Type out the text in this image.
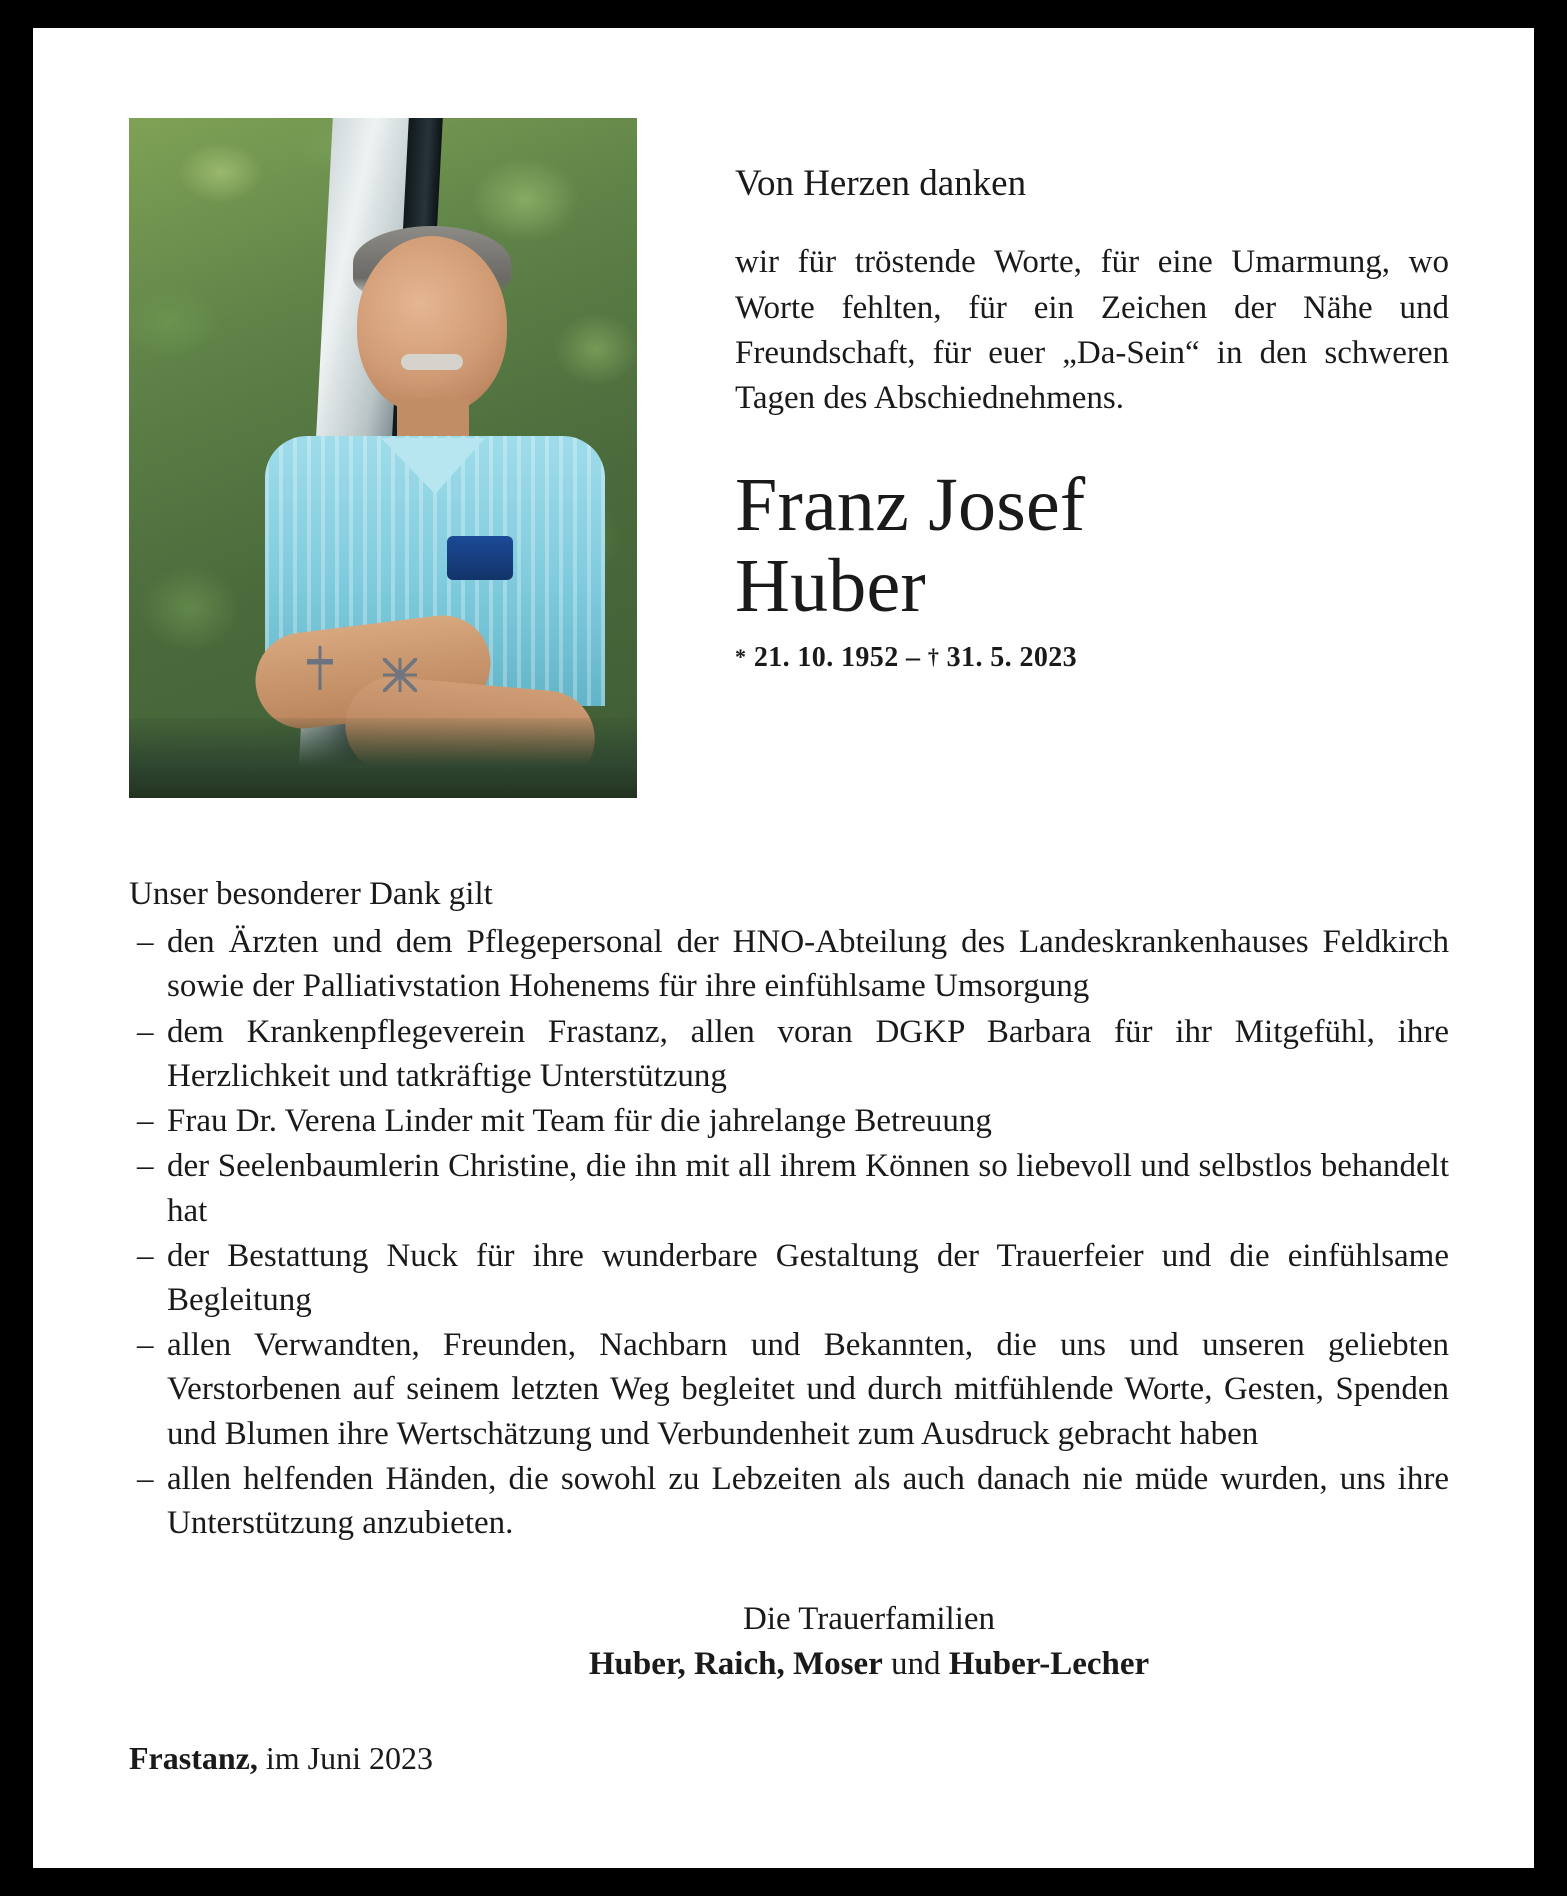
Von Herzen danken

wir für tröstende Worte, für eine Umarmung, wo Worte fehlten, für ein Zeichen der Nähe und Freundschaft, für euer „Da-Sein“ in den schweren Tagen des Abschiednehmens.

Franz Josef
Huber
* 21. 10. 1952 – † 31. 5. 2023

Unser besonderer Dank gilt

– den Ärzten und dem Pflegepersonal der HNO-Abteilung des Landeskrankenhauses Feldkirch sowie der Palliativstation Hohenems für ihre einfühlsame Umsorgung
– dem Krankenpflegeverein Frastanz, allen voran DGKP Barbara für ihr Mitgefühl, ihre Herzlichkeit und tatkräftige Unterstützung
– Frau Dr. Verena Linder mit Team für die jahrelange Betreuung
– der Seelenbaumlerin Christine, die ihn mit all ihrem Können so liebevoll und selbstlos behandelt hat
– der Bestattung Nuck für ihre wunderbare Gestaltung der Trauerfeier und die einfühlsame Begleitung
– allen Verwandten, Freunden, Nachbarn und Bekannten, die uns und unseren geliebten Verstorbenen auf seinem letzten Weg begleitet und durch mitfühlende Worte, Gesten, Spenden und Blumen ihre Wertschätzung und Verbundenheit zum Ausdruck gebracht haben
– allen helfenden Händen, die sowohl zu Lebzeiten als auch danach nie müde wurden, uns ihre Unterstützung anzubieten.
Die Trauerfamilien
Huber, Raich, Moser und Huber-Lecher
Frastanz, im Juni 2023
